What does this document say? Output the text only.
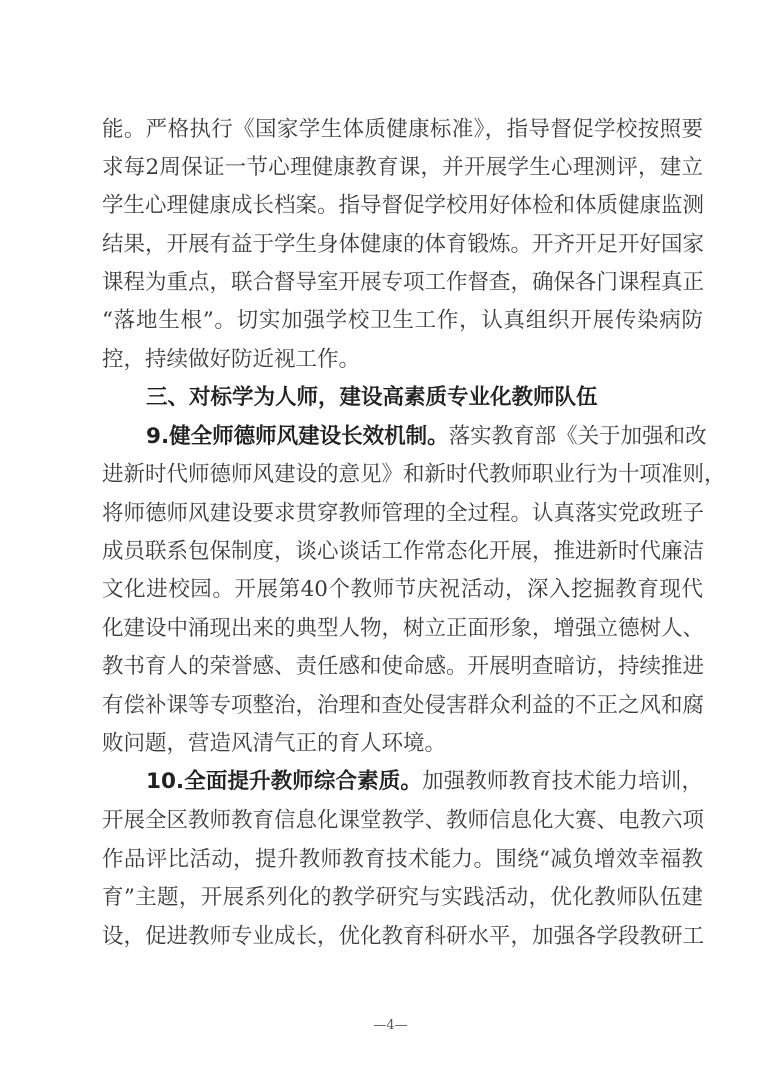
能。严格执行《国家学生体质健康标准》，指导督促学校按照要
求每2周保证一节心理健康教育课，并开展学生心理测评，建立
学生心理健康成长档案。指导督促学校用好体检和体质健康监测
结果，开展有益于学生身体健康的体育锻炼。开齐开足开好国家
课程为重点，联合督导室开展专项工作督查，确保各门课程真正
“落地生根”。切实加强学校卫生工作，认真组织开展传染病防
控，持续做好防近视工作。
三、对标学为人师，建设高素质专业化教师队伍
9.健全师德师风建设长效机制。落实教育部《关于加强和改
进新时代师德师风建设的意见》和新时代教师职业行为十项准则，
将师德师风建设要求贯穿教师管理的全过程。认真落实党政班子
成员联系包保制度，谈心谈话工作常态化开展，推进新时代廉洁
文化进校园。开展第40个教师节庆祝活动，深入挖掘教育现代
化建设中涌现出来的典型人物，树立正面形象，增强立德树人、
教书育人的荣誉感、责任感和使命感。开展明查暗访，持续推进
有偿补课等专项整治，治理和查处侵害群众利益的不正之风和腐
败问题，营造风清气正的育人环境。
10.全面提升教师综合素质。加强教师教育技术能力培训，
开展全区教师教育信息化课堂教学、教师信息化大赛、电教六项
作品评比活动，提升教师教育技术能力。围绕“减负增效幸福教
育”主题，开展系列化的教学研究与实践活动，优化教师队伍建
设，促进教师专业成长，优化教育科研水平，加强各学段教研工
—4—
